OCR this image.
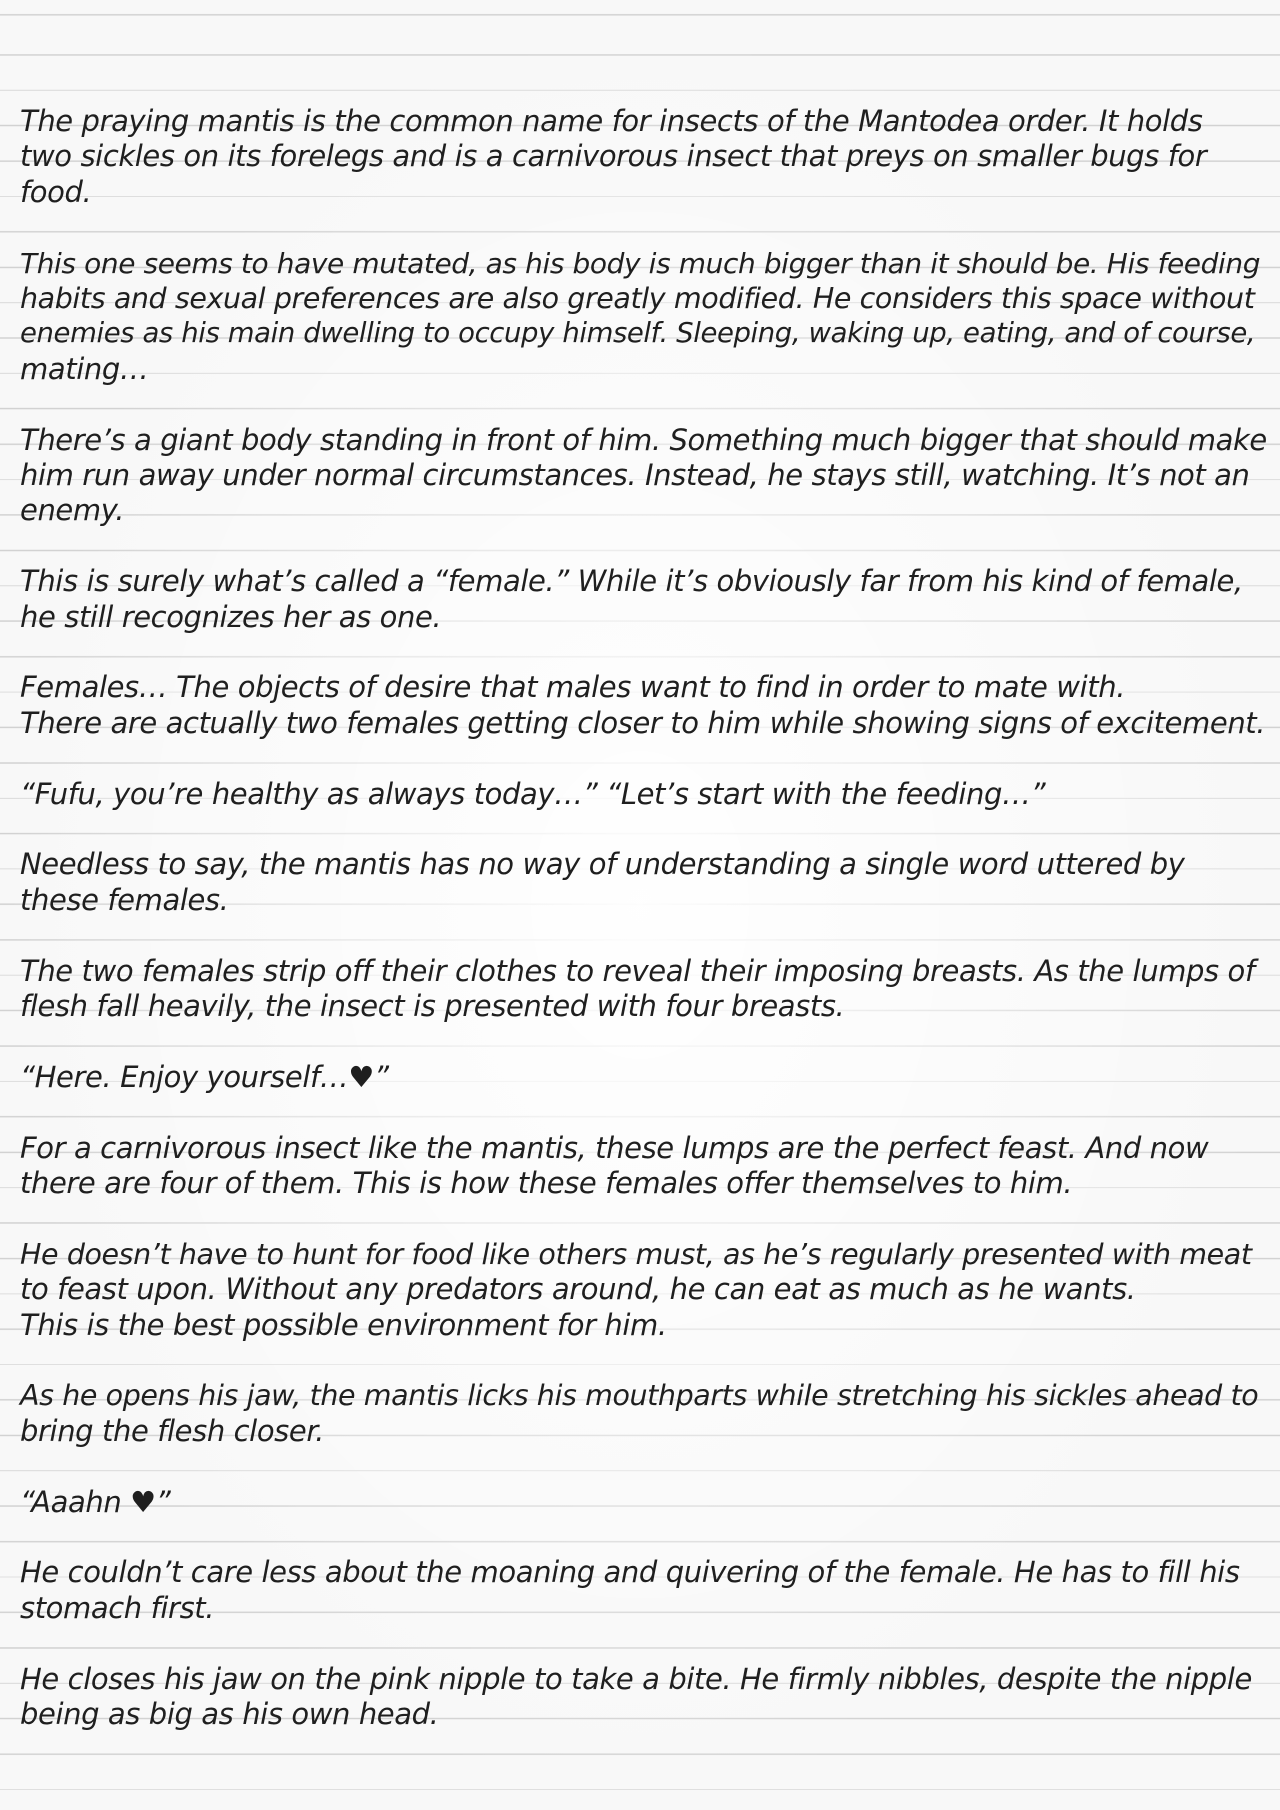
The praying mantis is the common name for insects of the Mantodea order. It holds
two sickles on its forelegs and is a carnivorous insect that preys on smaller bugs for
food.

This one seems to have mutated, as his body is much bigger than it should be. His feeding
habits and sexual preferences are also greatly modified. He considers this space without
enemies as his main dwelling to occupy himself. Sleeping, waking up, eating, and of course,
mating…

There’s a giant body standing in front of him. Something much bigger that should make
him run away under normal circumstances. Instead, he stays still, watching. It’s not an
enemy.

This is surely what’s called a “female.” While it’s obviously far from his kind of female,
he still recognizes her as one.

Females… The objects of desire that males want to find in order to mate with.
There are actually two females getting closer to him while showing signs of excitement.

“Fufu, you’re healthy as always today…” “Let’s start with the feeding…”

Needless to say, the mantis has no way of understanding a single word uttered by
these females.

The two females strip off their clothes to reveal their imposing breasts. As the lumps of
flesh fall heavily, the insect is presented with four breasts.

“Here. Enjoy yourself…♥”

For a carnivorous insect like the mantis, these lumps are the perfect feast. And now
there are four of them. This is how these females offer themselves to him.

He doesn’t have to hunt for food like others must, as he’s regularly presented with meat
to feast upon. Without any predators around, he can eat as much as he wants.
This is the best possible environment for him.

As he opens his jaw, the mantis licks his mouthparts while stretching his sickles ahead to
bring the flesh closer.

“Aaahn ♥”

He couldn’t care less about the moaning and quivering of the female. He has to fill his
stomach first.

He closes his jaw on the pink nipple to take a bite. He firmly nibbles, despite the nipple
being as big as his own head.
